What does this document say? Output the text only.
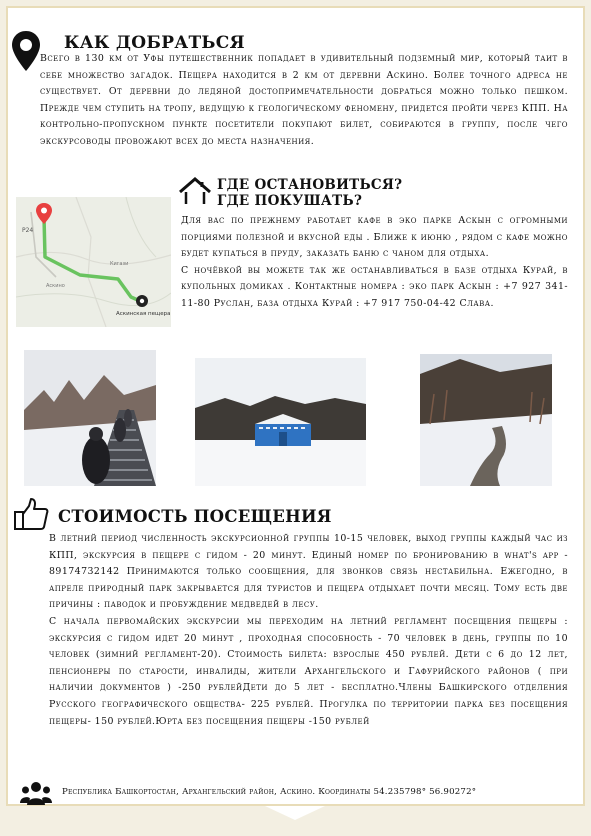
КАК ДОБРАТЬСЯ

Всего в 130 км от Уфы путешественник попадает в удивительный подземный мир, который таит в себе множество загадок. Пещера находится в 2 км от деревни Аскино. Более точного адреса не существует. От деревни до ледяной достопримечательности добраться можно только пешком. Прежде чем ступить на тропу, ведущую к геологическому феномену, придется пройти через КПП. На контрольно-пропускном пункте посетители покупают билет, собираются в группу, после чего экскурсоводы провожают всех до места назначения.

Р24
Кигази
Аскино
Аскинская пещера
ГДЕ ОСТАНОВИТЬСЯ?
ГДЕ ПОКУШАТЬ?

Для вас по прежнему работает кафе в эко парке Аскын с огромными порциями полезной и вкусной еды . Ближе к июню , рядом с кафе можно будет купаться в пруду, заказать баню с чаном для отдыха.

С ночёвкой вы можете так же останавливаться в базе отдыха Курай, в купольных домиках . Контактные номера : эко парк Аскын : +7 927 341-11-80 Руслан, база отдыха Курай : +7 917 750-04-42 Слава.

СТОИМОСТЬ ПОСЕЩЕНИЯ

В летний период численность экскурсионной группы 10-15 человек, выход группы каждый час из КПП, экскурсия в пещере с гидом - 20 минут. Единый номер по бронированию в what's app - 89174732142 Принимаются только сообщения, для звонков связь нестабильна. Ежегодно, в апреле природный парк закрывается для туристов и пещера отдыхает почти месяц. Тому есть две причины : паводок и пробуждение медведей в лесу.

С начала первомайских экскурсии мы переходим на летний регламент посещения пещеры : экскурсия с гидом идет 20 минут , проходная способность - 70 человек в день, группы по 10 человек (зимний регламент-20). Стоимость билета: взрослые 450 рублей. Дети с 6 до 12 лет, пенсионеры по старости, инвалиды, жители Архангельского и Гафурийского районов ( при наличии документов ) -250 рублейДети до 5 лет - бесплатно.Члены Башкирского отделения Русского географического общества- 225 рублей. Прогулка по территории парка без посещения пещеры- 150 рублей.Юрта без посещения пещеры -150 рублей

Республика Башкортостан, Архангельский район, Аскино. Координаты 54.235798° 56.90272°
